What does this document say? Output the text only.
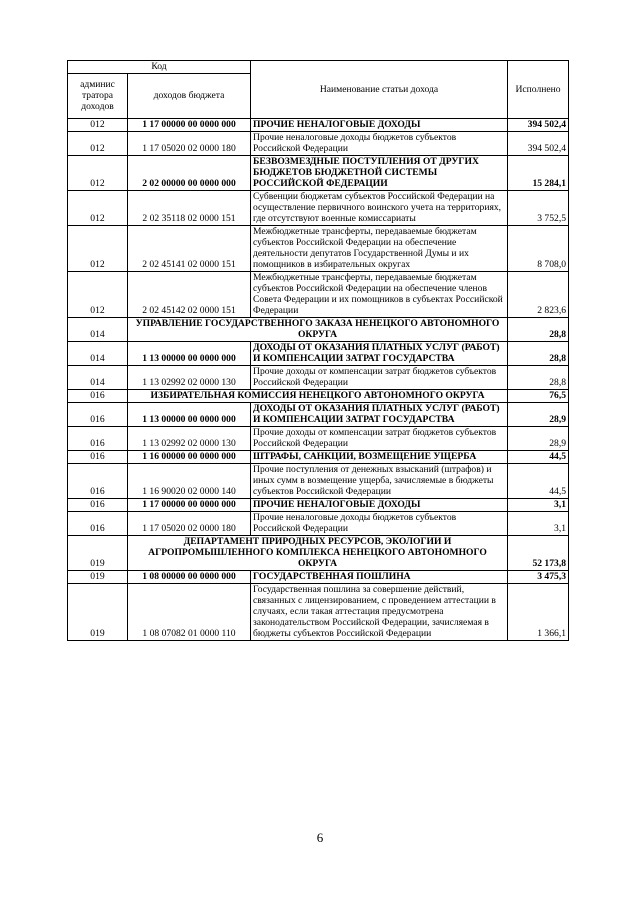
Код		Наименование статьи дохода	Исполнено
админис тратора доходов	доходов бюджета		
012	1 17 00000 00 0000 000	ПРОЧИЕ НЕНАЛОГОВЫЕ ДОХОДЫ	394 502,4
012	1 17 05020 02 0000 180	Прочие неналоговые доходы бюджетов субъектов Российской Федерации	394 502,4
012	2 02 00000 00 0000 000	БЕЗВОЗМЕЗДНЫЕ ПОСТУПЛЕНИЯ ОТ ДРУГИХ БЮДЖЕТОВ БЮДЖЕТНОЙ СИСТЕМЫ РОССИЙСКОЙ ФЕДЕРАЦИИ	15 284,1
012	2 02 35118 02 0000 151	Субвенции бюджетам субъектов Российской Федерации на осуществление первичного воинского учета на территориях, где отсутствуют военные комиссариаты	3 752,5
012	2 02 45141 02 0000 151	Межбюджетные трансферты, передаваемые бюджетам субъектов Российской Федерации на обеспечение деятельности депутатов Государственной Думы и их помощников в избирательных округах	8 708,0
012	2 02 45142 02 0000 151	Межбюджетные трансферты, передаваемые бюджетам субъектов Российской Федерации на обеспечение членов Совета Федерации и их помощников в субъектах Российской Федерации	2 823,6
014	УПРАВЛЕНИЕ ГОСУДАРСТВЕННОГО ЗАКАЗА НЕНЕЦКОГО АВТОНОМНОГО ОКРУГА		28,8
014	1 13 00000 00 0000 000	ДОХОДЫ ОТ ОКАЗАНИЯ ПЛАТНЫХ УСЛУГ (РАБОТ) И КОМПЕНСАЦИИ ЗАТРАТ ГОСУДАРСТВА	28,8
014	1 13 02992 02 0000 130	Прочие доходы от компенсации затрат бюджетов субъектов Российской Федерации	28,8
016	ИЗБИРАТЕЛЬНАЯ КОМИССИЯ НЕНЕЦКОГО АВТОНОМНОГО ОКРУГА		76,5
016	1 13 00000 00 0000 000	ДОХОДЫ ОТ ОКАЗАНИЯ ПЛАТНЫХ УСЛУГ (РАБОТ) И КОМПЕНСАЦИИ ЗАТРАТ ГОСУДАРСТВА	28,9
016	1 13 02992 02 0000 130	Прочие доходы от компенсации затрат бюджетов субъектов Российской Федерации	28,9
016	1 16 00000 00 0000 000	ШТРАФЫ, САНКЦИИ, ВОЗМЕЩЕНИЕ УЩЕРБА	44,5
016	1 16 90020 02 0000 140	Прочие поступления от денежных взысканий (штрафов) и иных сумм в возмещение ущерба, зачисляемые в бюджеты субъектов Российской Федерации	44,5
016	1 17 00000 00 0000 000	ПРОЧИЕ НЕНАЛОГОВЫЕ ДОХОДЫ	3,1
016	1 17 05020 02 0000 180	Прочие неналоговые доходы бюджетов субъектов Российской Федерации	3,1
019	ДЕПАРТАМЕНТ ПРИРОДНЫХ РЕСУРСОВ, ЭКОЛОГИИ И АГРОПРОМЫШЛЕННОГО КОМПЛЕКСА НЕНЕЦКОГО АВТОНОМНОГО ОКРУГА		52 173,8
019	1 08 00000 00 0000 000	ГОСУДАРСТВЕННАЯ ПОШЛИНА	3 475,3
019	1 08 07082 01 0000 110	Государственная пошлина за совершение действий, связанных с лицензированием, с проведением аттестации в случаях, если такая аттестация предусмотрена законодательством Российской Федерации, зачисляемая в бюджеты субъектов Российской Федерации	1 366,1
6
